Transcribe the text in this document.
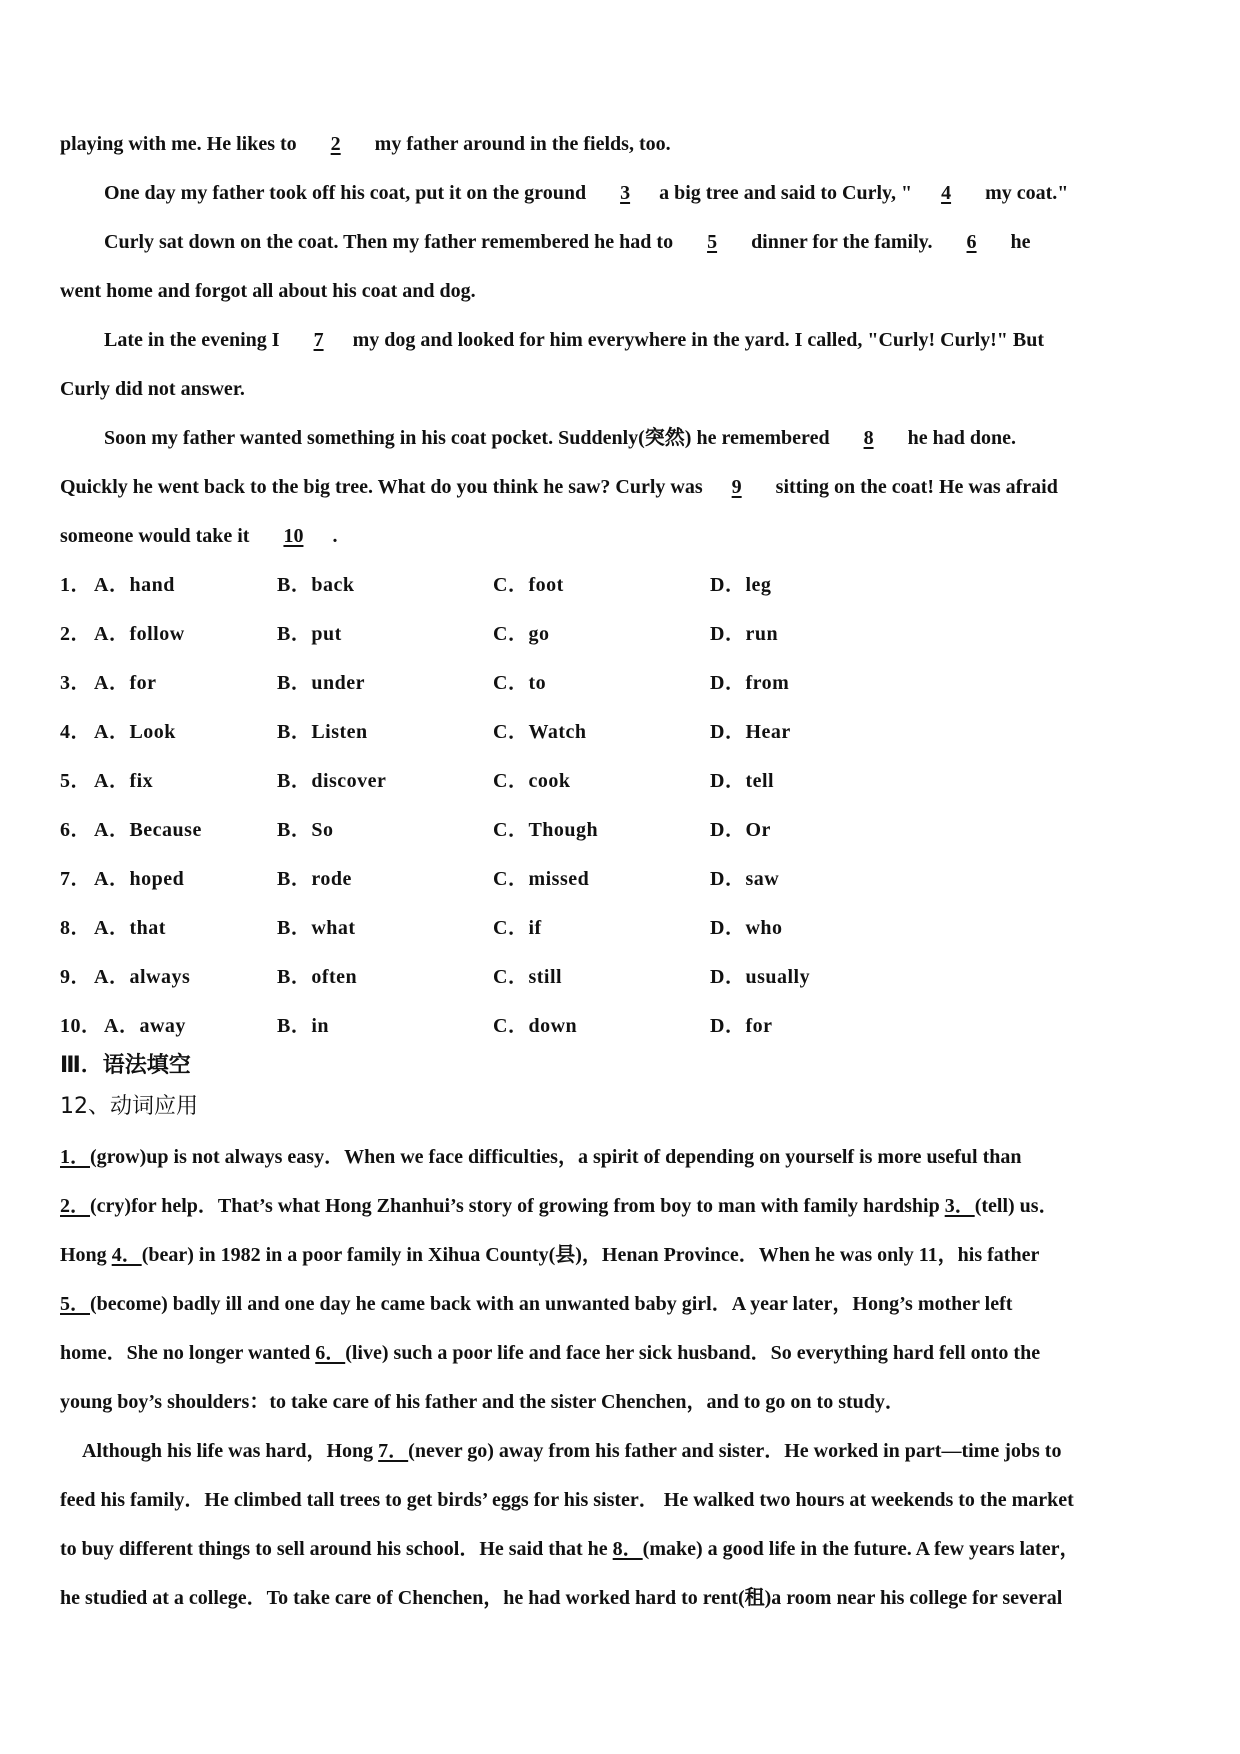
playing with me. He likes to 2 my father around in the fields, too.
One day my father took off his coat, put it on the ground 3 a big tree and said to Curly, " 4 my coat."
Curly sat down on the coat. Then my father remembered he had to 5 dinner for the family. 6 he
went home and forgot all about his coat and dog.
Late in the evening I 7 my dog and looked for him everywhere in the yard. I called, "Curly! Curly!" But
Curly did not answer.
Soon my father wanted something in his coat pocket. Suddenly(突然) he remembered 8 he had done.
Quickly he went back to the big tree. What do you think he saw? Curly was 9 sitting on the coat! He was afraid
someone would take it 10 .
1． A．hand	B．back	C．foot	D．leg
2． A．follow	B．put	C．go	D．run
3． A．for	B．under	C．to	D．from
4． A．Look	B．Listen	C．Watch	D．Hear
5． A．fix	B．discover	C．cook	D．tell
6． A．Because	B．So	C．Though	D．Or
7． A．hoped	B．rode	C．missed	D．saw
8． A．that	B．what	C．if	D．who
9． A．always	B．often	C．still	D．usually
10． A．away	B．in	C．down	D．for
Ⅲ．语法填空
12、动词应用
1．(grow)up is not always easy．When we face difficulties，a spirit of depending on yourself is more useful than
2．(cry)for help．That’s what Hong Zhanhui’s story of growing from boy to man with family hardship 3．(tell) us．
Hong 4．(bear) in 1982 in a poor family in Xihua County(县)，Henan Province．When he was only 11，his father
5．(become) badly ill and one day he came back with an unwanted baby girl．A year later，Hong’s mother left
home．She no longer wanted 6．(live) such a poor life and face her sick husband．So everything hard fell onto the
young boy’s shoulders：to take care of his father and the sister Chenchen，and to go on to study．
Although his life was hard，Hong 7．(never go) away from his father and sister．He worked in part—time jobs to
feed his family．He climbed tall trees to get birds’ eggs for his sister． He walked two hours at weekends to the market
to buy different things to sell around his school．He said that he 8．(make) a good life in the future. A few years later，
he studied at a college．To take care of Chenchen，he had worked hard to rent(租)a room near his college for several
